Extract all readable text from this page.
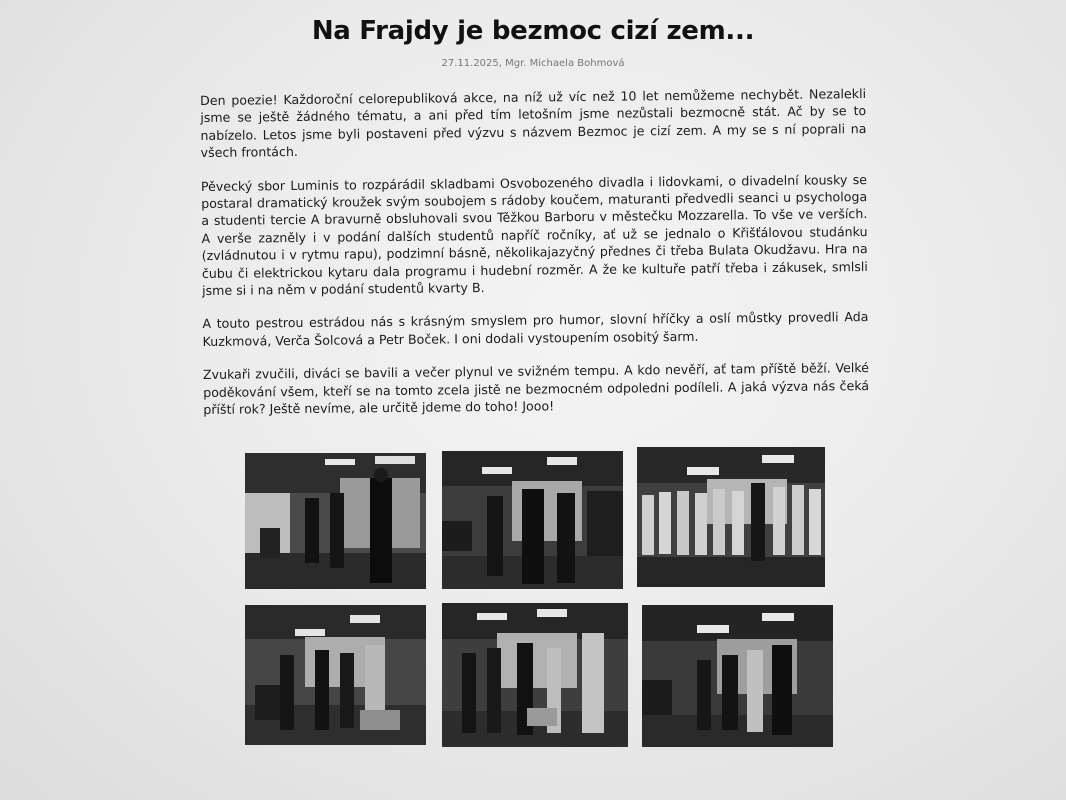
Na Frajdy je bezmoc cizí zem...
27.11.2025, Mgr. Michaela Bohmová

Den poezie! Každoroční celorepubliková akce, na níž už víc než 10 let nemůžeme nechybět. Nezalekli jsme se ještě žádného tématu, a ani před tím letošním jsme nezůstali bezmocně stát. Ač by se to nabízelo. Letos jsme byli postaveni před výzvu s názvem Bezmoc je cizí zem. A my se s ní poprali na všech frontách.

Pěvecký sbor Luminis to rozpárádil skladbami Osvobozeného divadla i lidovkami, o divadelní kousky se postaral dramatický kroužek svým soubojem s rádoby koučem, maturanti předvedli seanci u psychologa a studenti tercie A bravurně obsluhovali svou Těžkou Barboru v městečku Mozzarella. To vše ve verších. A verše zazněly i v podání dalších studentů napříč ročníky, ať už se jednalo o Křišťálovou studánku (zvládnutou i v rytmu rapu), podzimní básně, několikajazyčný přednes či třeba Bulata Okudžavu. Hra na čubu či elektrickou kytaru dala programu i hudební rozměr. A že ke kultuře patří třeba i zákusek, smlsli jsme si i na něm v podání studentů kvarty B.

A touto pestrou estrádou nás s krásným smyslem pro humor, slovní hříčky a oslí můstky provedli Ada Kuzkmová, Verča Šolcová a Petr Boček. I oni dodali vystoupením osobitý šarm.

Zvukaři zvučili, diváci se bavili a večer plynul ve svižném tempu. A kdo nevěří, ať tam příště běží. Velké poděkování všem, kteří se na tomto zcela jistě ne bezmocném odpoledni podíleli. A jaká výzva nás čeká příští rok? Ještě nevíme, ale určitě jdeme do toho! Jooo!
